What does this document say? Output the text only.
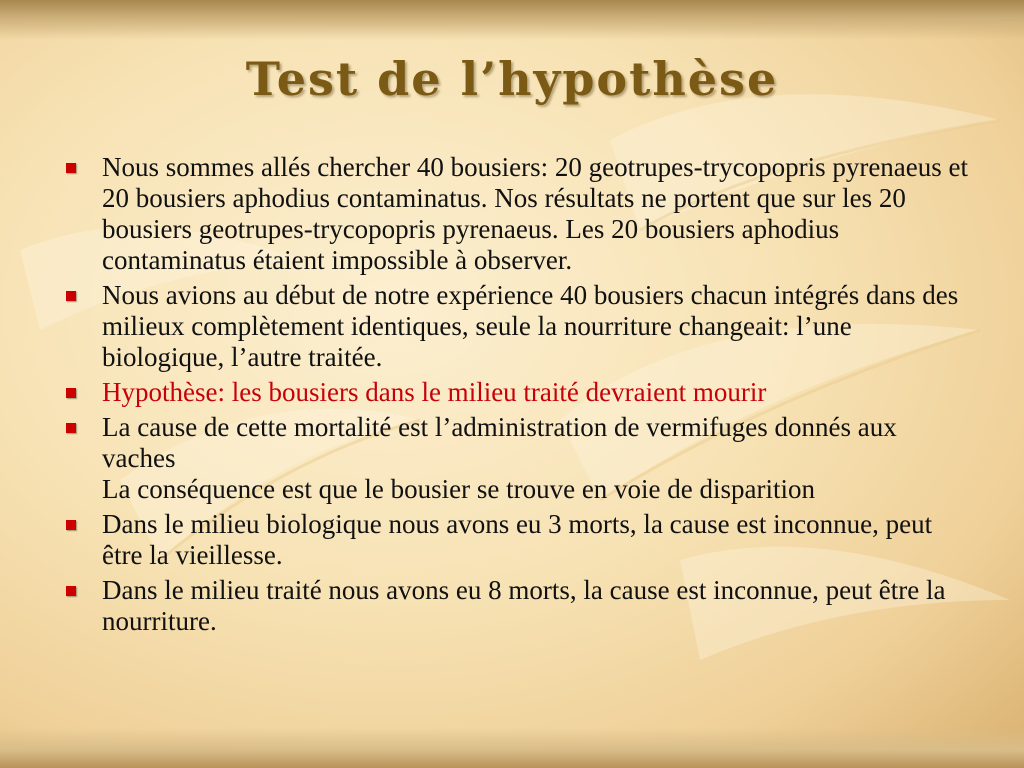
Test de l’hypothèse
Nous sommes allés chercher 40 bousiers: 20 geotrupes-trycopopris pyrenaeus et 20 bousiers aphodius contaminatus. Nos résultats ne portent que sur les 20 bousiers geotrupes-trycopopris pyrenaeus. Les 20 bousiers aphodius contaminatus étaient impossible à observer.
Nous avions au début de notre expérience 40 bousiers chacun intégrés dans des milieux complètement identiques, seule la nourriture changeait: l’une biologique, l’autre traitée.
Hypothèse: les bousiers dans le milieu traité devraient mourir
La cause de cette mortalité est l’administration de vermifuges donnés aux vaches
La conséquence est que le bousier se trouve en voie de disparition
Dans le milieu biologique nous avons eu 3 morts, la cause est inconnue, peut être la vieillesse.
Dans le milieu traité nous avons eu 8 morts, la cause est inconnue, peut être la nourriture.
